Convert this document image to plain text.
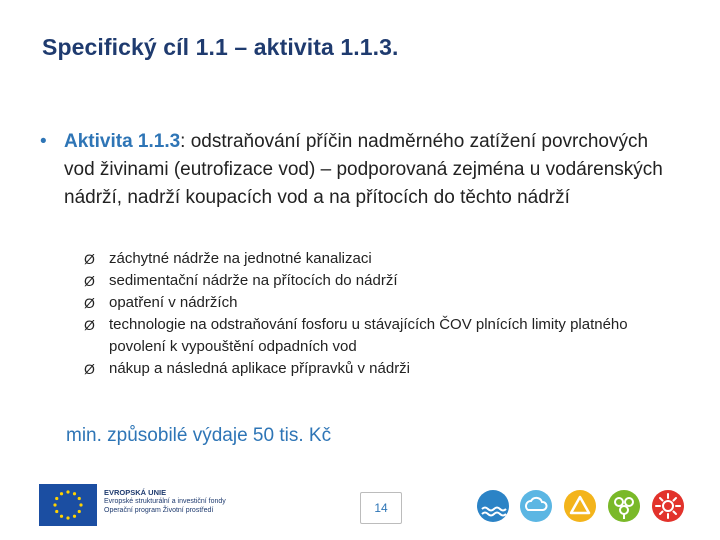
Specifický cíl 1.1 – aktivita 1.1.3.
• Aktivita 1.1.3: odstraňování příčin nadměrného zatížení povrchových vod živinami (eutrofizace vod) – podporovaná zejména u vodárenských nádrží, nadrží koupacích vod a na přítocích do těchto nádrží
Ø záchytné nádrže na jednotné kanalizaci
Ø sedimentační nádrže na přítocích do nádrží
Ø opatření v nádržích
Ø technologie na odstraňování fosforu u stávajících ČOV plnících limity platného povolení k vypouštění odpadních vod
Ø nákup a následná aplikace přípravků v nádrži
min. způsobilé výdaje 50 tis. Kč
EVROPSKÁ UNIE
Evropské strukturální a investiční fondy
Operační program Životní prostředí	14
